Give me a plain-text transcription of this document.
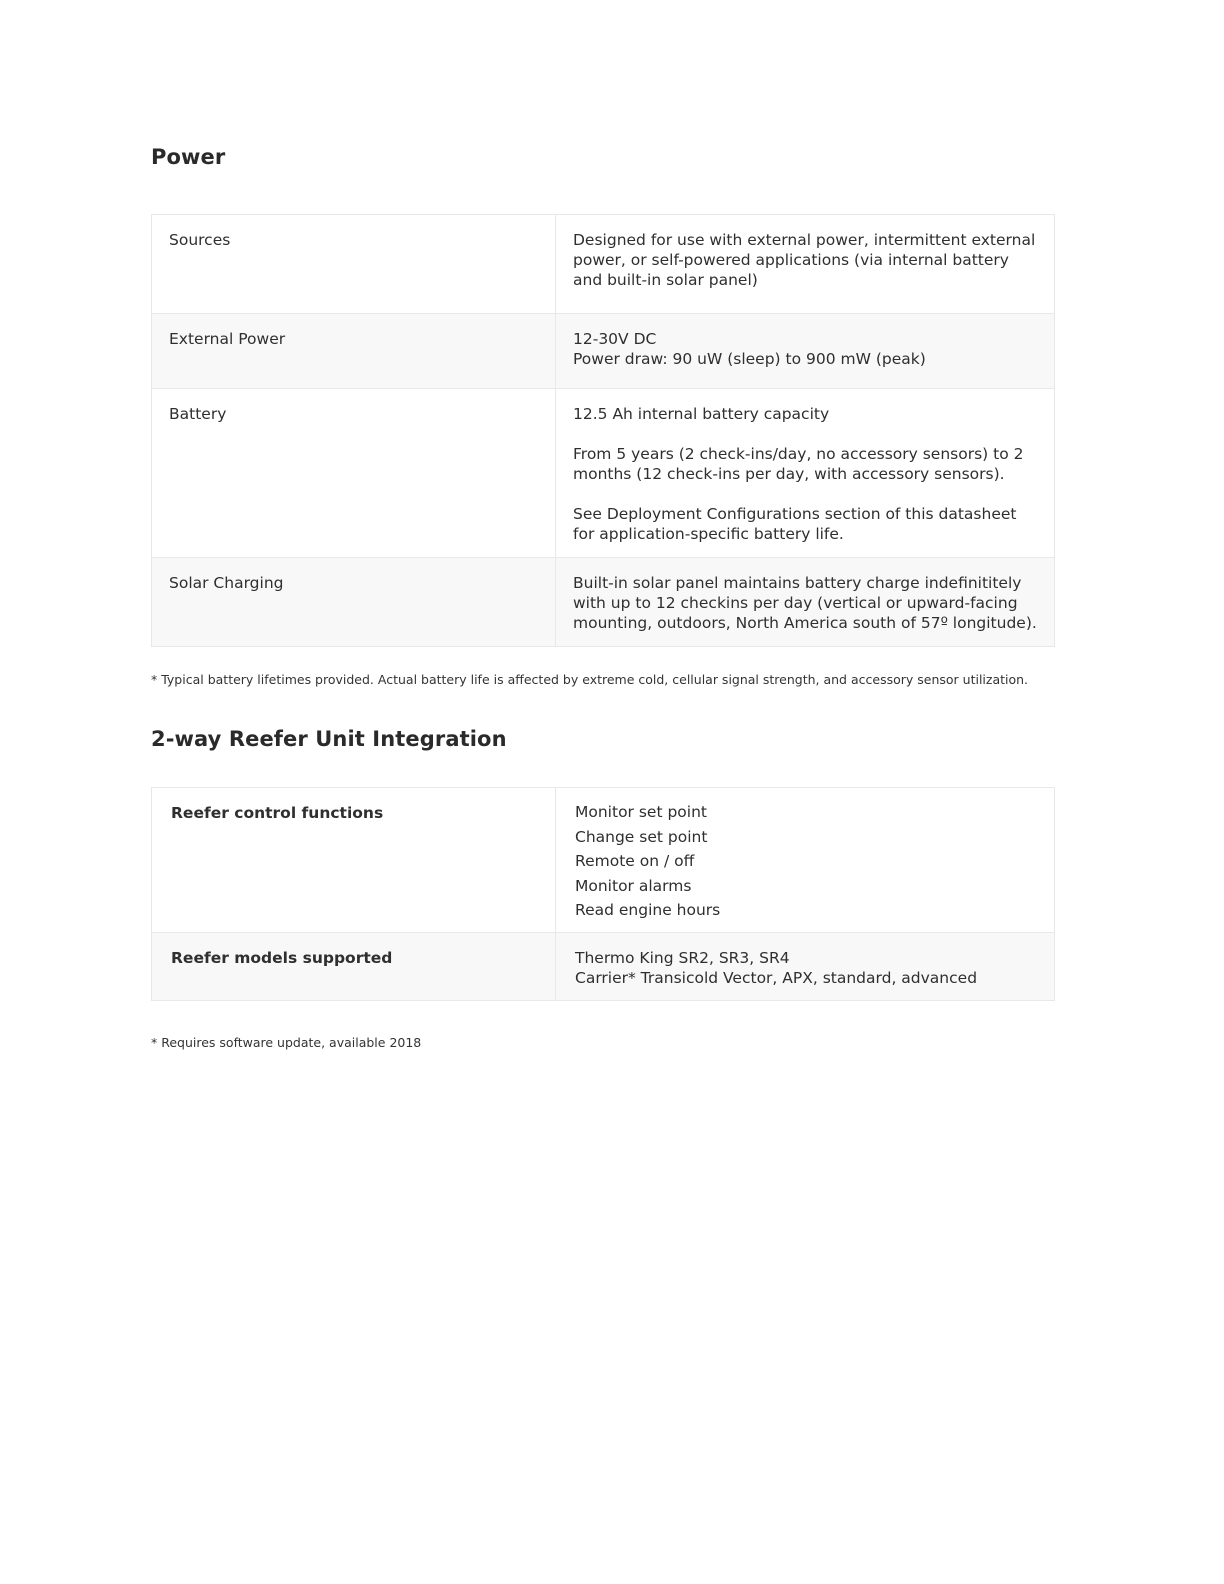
Power
Sources	Designed for use with external power, intermittent external power, or self-powered applications (via internal battery and built-in solar panel)

External Power	12-30V DC
Power draw: 90 uW (sleep) to 900 mW (peak)

Battery	12.5 Ah internal battery capacity

From 5 years (2 check-ins/day, no accessory sensors) to 2 months (12 check-ins per day, with accessory sensors).

See Deployment Configurations section of this datasheet for application-specific battery life.

Solar Charging	Built-in solar panel maintains battery charge indefinititely with up to 12 checkins per day (vertical or upward-facing mounting, outdoors, North America south of 57º longitude).

* Typical battery lifetimes provided. Actual battery life is affected by extreme cold, cellular signal strength, and accessory sensor utilization.

2-way Reefer Unit Integration
Reefer control functions	Monitor set point
Change set point
Remote on / off
Monitor alarms
Read engine hours

Reefer models supported	Thermo King SR2, SR3, SR4
Carrier* Transicold Vector, APX, standard, advanced

* Requires software update, available 2018
